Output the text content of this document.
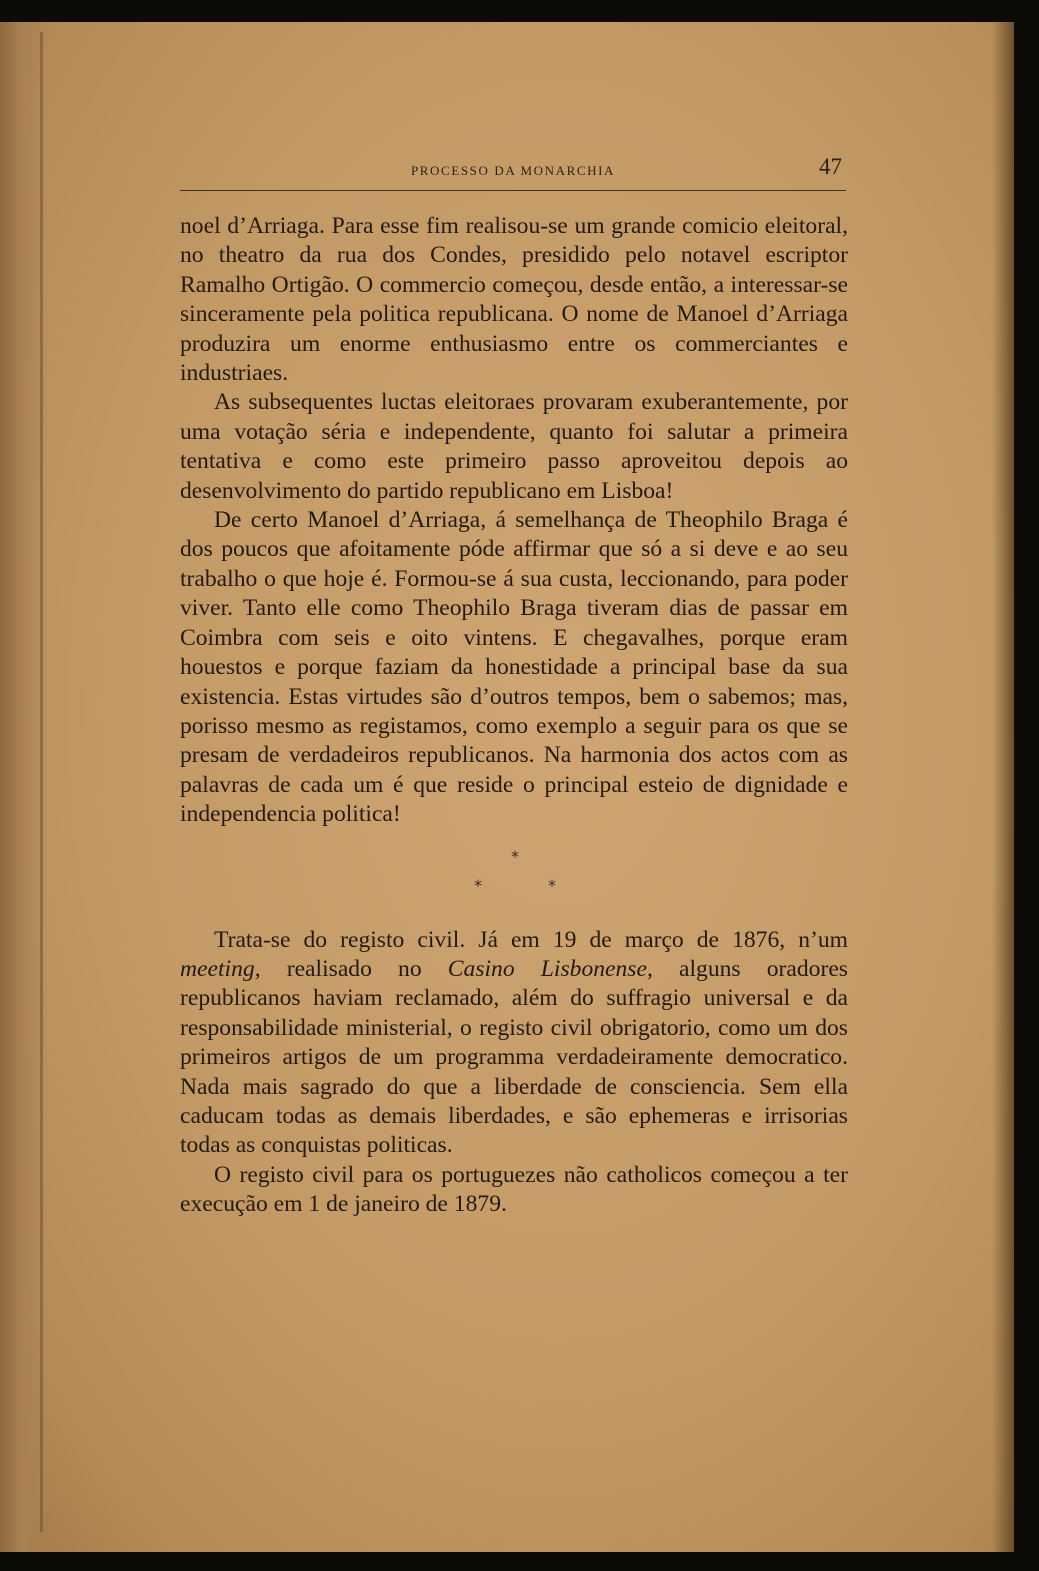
PROCESSO DA MONARCHIA	47

noel d’Arriaga. Para esse fim realisou-se um grande comicio eleitoral, no theatro da rua dos Condes, presidido pelo notavel escriptor Ramalho Ortigão. O commercio começou, desde então, a interessar-se sinceramente pela politica republicana. O nome de Manoel d’Arriaga produzira um enorme enthusiasmo entre os commerciantes e industriaes.

As subsequentes luctas eleitoraes provaram exuberantemente, por uma votação séria e independente, quanto foi salutar a primeira tentativa e como este primeiro passo aproveitou depois ao desenvolvimento do partido republicano em Lisboa!

De certo Manoel d’Arriaga, á semelhança de Theophilo Braga é dos poucos que afoitamente póde affirmar que só a si deve e ao seu trabalho o que hoje é. Formou-se á sua custa, leccionando, para poder viver. Tanto elle como Theophilo Braga tiveram dias de passar em Coimbra com seis e oito vintens. E chegavalhes, porque eram houestos e porque faziam da honestidade a principal base da sua existencia. Estas virtudes são d’outros tempos, bem o sabemos; mas, porisso mesmo as registamos, como exemplo a seguir para os que se presam de verdadeiros republicanos. Na harmonia dos actos com as palavras de cada um é que reside o principal esteio de dignidade e independencia politica!

*
*	*

Trata-se do registo civil. Já em 19 de março de 1876, n’um meeting, realisado no Casino Lisbonense, alguns oradores republicanos haviam reclamado, além do suffragio universal e da responsabilidade ministerial, o registo civil obrigatorio, como um dos primeiros artigos de um programma verdadeiramente democratico. Nada mais sagrado do que a liberdade de consciencia. Sem ella caducam todas as demais liberdades, e são ephemeras e irrisorias todas as conquistas politicas.

O registo civil para os portuguezes não catholicos começou a ter execução em 1 de janeiro de 1879.
